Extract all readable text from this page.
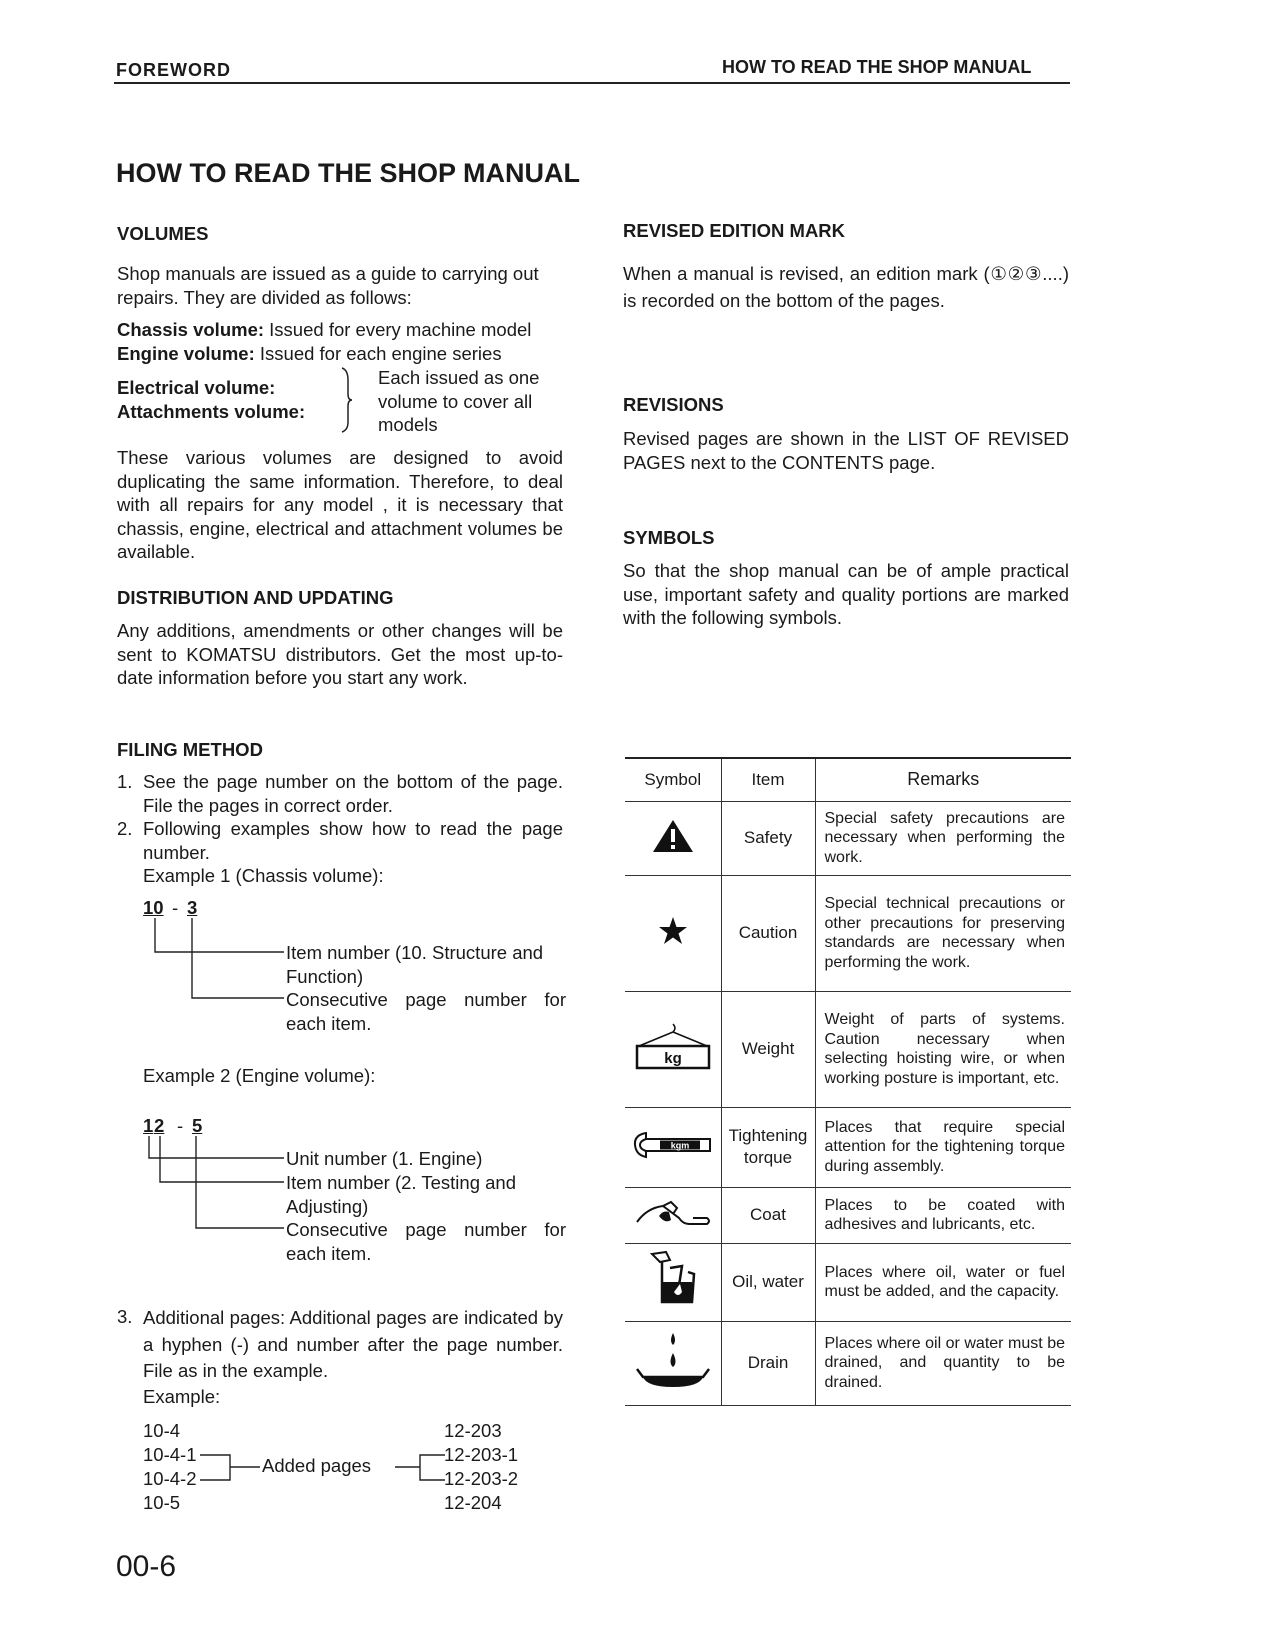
FOREWORD	HOW TO READ THE SHOP MANUAL
HOW TO READ THE SHOP MANUAL
VOLUMES
Shop manuals are issued as a guide to carrying out repairs. They are divided as follows:
Chassis volume: Issued for every machine model
Engine volume: Issued for each engine series
Electrical volume:
Attachments volume:
Each issued as one volume to cover all models
These various volumes are designed to avoid duplicating the same information. Therefore, to deal with all repairs for any model , it is necessary that chassis, engine, electrical and attachment volumes be available.
DISTRIBUTION AND UPDATING
Any additions, amendments or other changes will be sent to KOMATSU distributors. Get the most up-to-date information before you start any work.
FILING METHOD
1. See the page number on the bottom of the page. File the pages in correct order.
2. Following examples show how to read the page number.
Example 1 (Chassis volume):
10 - 3
Item number (10. Structure and Function)
Consecutive page number for each item.
Example 2 (Engine volume):
1 2 - 5
Unit number (1. Engine)
Item number (2. Testing and Adjusting)
Consecutive page number for each item.
3. Additional pages: Additional pages are indicated by a hyphen (-) and number after the page number. File as in the example.
Example:
10-4
10-4-1
10-4-2
10-5
Added pages
12-203
12-203-1
12-203-2
12-204
00-6
REVISED EDITION MARK
When a manual is revised, an edition mark (①②③....) is recorded on the bottom of the pages.
REVISIONS
Revised pages are shown in the LIST OF REVISED PAGES next to the CONTENTS page.
SYMBOLS
So that the shop manual can be of ample practical use, important safety and quality portions are marked with the following symbols.
Symbol	Item	Remarks
	Safety	Special safety precautions are necessary when performing the work.
	Caution	Special technical precautions or other precautions for preserving standards are necessary when performing the work.

kg	Weight	Weight of parts of systems. Caution necessary when selecting hoisting wire, or when working posture is important, etc.

kgm	Tightening torque	Places that require special attention for the tightening torque during assembly.
	Coat	Places to be coated with adhesives and lubricants, etc.
	Oil, water	Places where oil, water or fuel must be added, and the capacity.
	Drain	Places where oil or water must be drained, and quantity to be drained.
